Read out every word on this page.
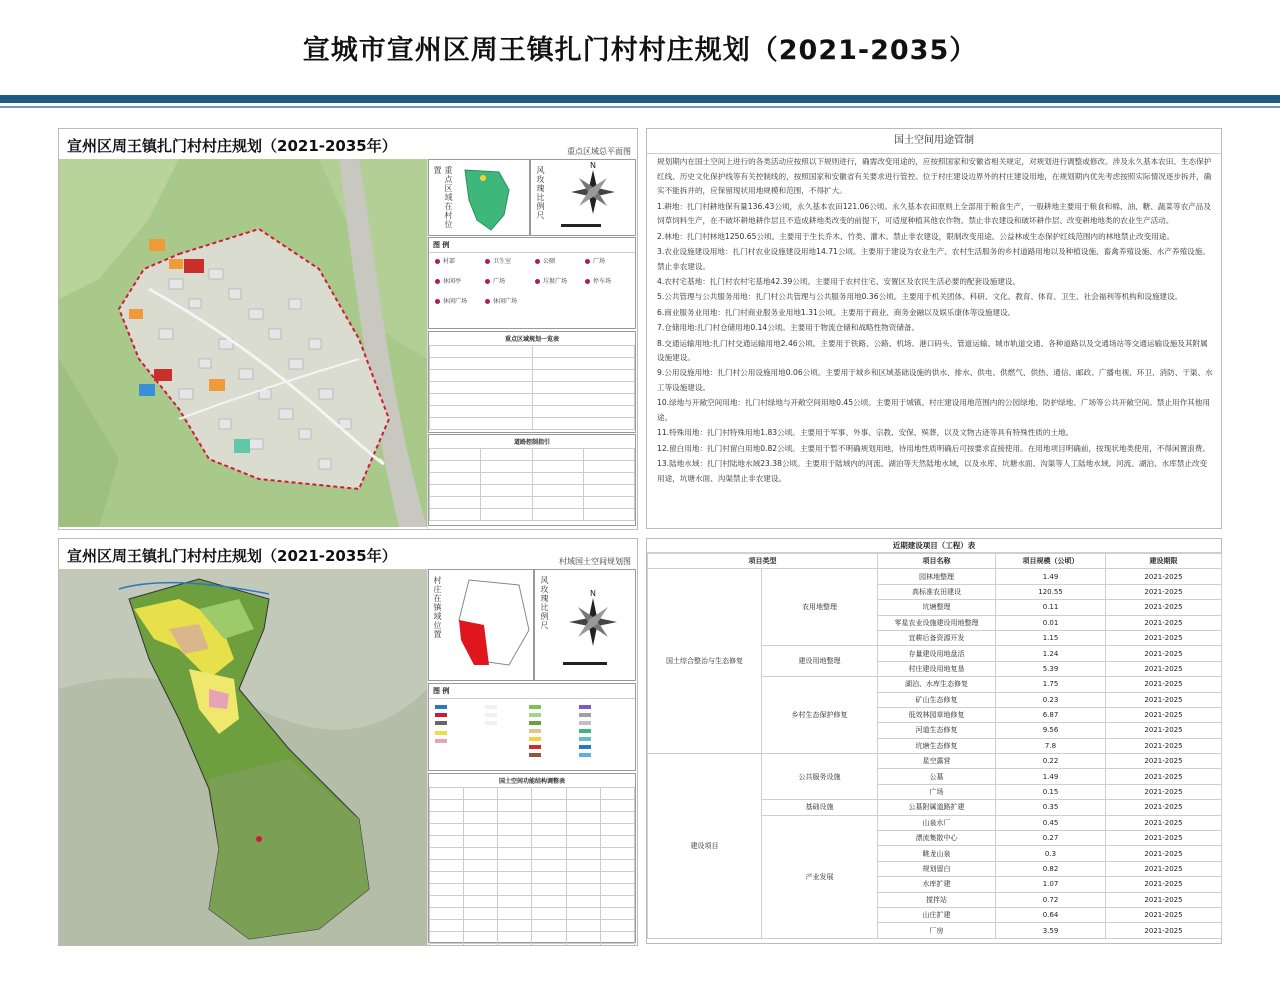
宣城市宣州区周王镇扎门村村庄规划（2021-2035）
宣州区周王镇扎门村村庄规划（2021-2035年）	重点区域总平面图
重点区域在村位置	风玫瑰比例尺
N
图 例
村部	卫生室	公厕	广场
休闲亭	广场	垃圾广场	停车场
休闲广场	休闲广场
重点区域规划一览表

道路控制指引

宣州区周王镇扎门村村庄规划（2021-2035年）	村域国土空间规划图
村庄在镇域位置	风玫瑰比例尺	N
图 例
国土空间功能结构调整表

国土空间用途管制

规划期内在国土空间上进行的各类活动应按照以下规则进行，确需改变用途的，应按照国家和安徽省相关规定，对规划进行调整或修改。涉及永久基本农田、生态保护红线、历史文化保护线等有关控制线的，按照国家和安徽省有关要求进行管控。位于村庄建设边界外的村庄建设用地，在规划期内优先考虑按照实际情况逐步拆并，确实不能拆并的，应保留现状用地规模和范围，不得扩大。

1.耕地：扎门村耕地保有量136.43公顷，永久基本农田121.06公顷。永久基本农田原则上全部用于粮食生产，一般耕地主要用于粮食和棉、油、糖、蔬菜等农产品及饲草饲料生产，在不破坏耕地耕作层且不造成耕地类改变的前提下，可适度种植其他农作物。禁止非农建设和破坏耕作层、改变耕地地类的农业生产活动。

2.林地：扎门村林地1250.65公顷。主要用于生长乔木、竹类、灌木。禁止非农建设，限制改变用途。公益林或生态保护红线范围内的林地禁止改变用途。

3.农业设施建设用地：扎门村农业设施建设用地14.71公顷。主要用于建设为农业生产、农村生活服务的乡村道路用地以及种植设施、畜禽养殖设施、水产养殖设施。禁止非农建设。

4.农村宅基地：扎门村农村宅基地42.39公顷。主要用于农村住宅、安置区及农民生活必要的配套设施建设。

5.公共管理与公共服务用地：扎门村公共管理与公共服务用地0.36公顷。主要用于机关团体、科研、文化、教育、体育、卫生、社会福利等机构和设施建设。

6.商业服务业用地：扎门村商业服务业用地1.31公顷。主要用于商业、商务金融以及娱乐康体等设施建设。

7.仓储用地:扎门村仓储用地0.14公顷。主要用于物流仓储和战略性物资储备。

8.交通运输用地:扎门村交通运输用地2.46公顷。主要用于铁路、公路、机场、港口码头、管道运输、城市轨道交通、各种道路以及交通场站等交通运输设施及其附属设施建设。

9.公用设施用地：扎门村公用设施用地0.06公顷。主要用于城乡和区域基础设施的供水、排水、供电、供燃气、供热、通信、邮政、广播电视、环卫、消防、干渠、水工等设施建设。

10.绿地与开敞空间用地：扎门村绿地与开敞空间用地0.45公顷。主要用于城镇、村庄建设用地范围内的公园绿地、防护绿地、广场等公共开敞空间。禁止用作其他用途。

11.特殊用地：扎门村特殊用地1.83公顷。主要用于军事、外事、宗教、安保、殡葬，以及文物古迹等具有特殊性质的土地。

12.留白用地：扎门村留白用地0.82公顷。主要用于暂不明确规划用地，待用地性质明确后可按要求直接使用。在用地项目明确前，按现状地类使用，不得闲置浪费。

13.陆地水域：扎门村陆地水域23.38公顷。主要用于陆域内的河流、湖泊等天然陆地水域，以及水库、坑塘水面、沟渠等人工陆地水域。河流、湖泊、水库禁止改变用途，坑塘水面、沟渠禁止非农建设。

近期建设项目（工程）表
项目类型		项目名称	项目规模（公顷）	建设期限
国土综合整治与生态修复	农用地整理	园林地整理	1.49	2021-2025
		高标准农田建设	120.55	2021-2025
		坑塘整理	0.11	2021-2025
		零星农业设施建设用地整理	0.01	2021-2025
		宜耕后备资源开发	1.15	2021-2025
	建设用地整理	存量建设用地盘活	1.24	2021-2025
		村庄建设用地复垦	5.39	2021-2025
	乡村生态保护修复	湖泊、水库生态修复	1.75	2021-2025
		矿山生态修复	0.23	2021-2025
		低效林园草地修复	6.87	2021-2025
		河道生态修复	9.56	2021-2025
		坑塘生态修复	7.8	2021-2025
建设项目	公共服务设施	星空露营	0.22	2021-2025
		公墓	1.49	2021-2025
		广场	0.15	2021-2025
	基础设施	公墓附属道路扩建	0.35	2021-2025
	产业发展	山泉水厂	0.45	2021-2025
		漂流集散中心	0.27	2021-2025
		眺龙山泉	0.3	2021-2025
		规划留白	0.82	2021-2025
		水库扩建	1.07	2021-2025
		搅拌站	0.72	2021-2025
		山庄扩建	0.64	2021-2025
		厂房	3.59	2021-2025
